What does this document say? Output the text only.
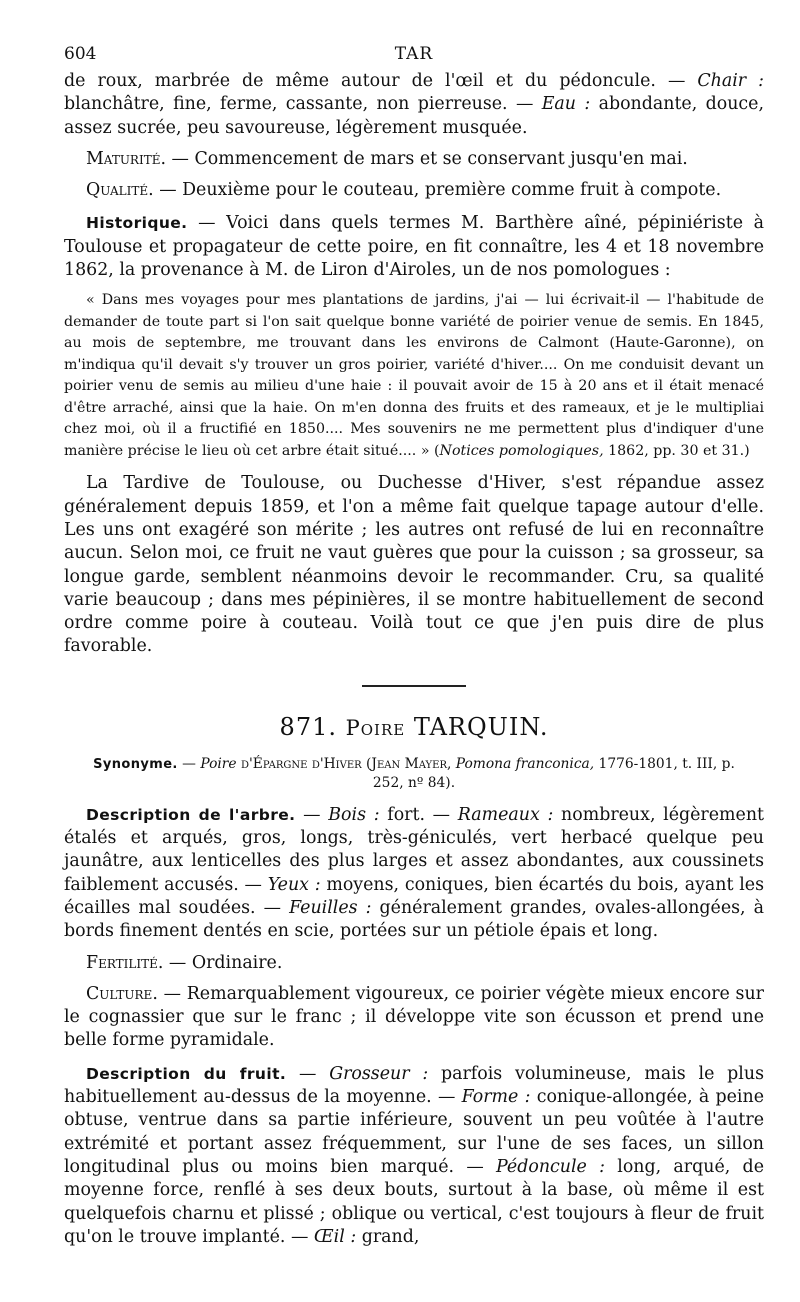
604	TAR

de roux, marbrée de même autour de l'œil et du pédoncule. — Chair : blanchâtre, fine, ferme, cassante, non pierreuse. — Eau : abondante, douce, assez sucrée, peu savoureuse, légèrement musquée.

Maturité. — Commencement de mars et se conservant jusqu'en mai.

Qualité. — Deuxième pour le couteau, première comme fruit à compote.

Historique. — Voici dans quels termes M. Barthère aîné, pépiniériste à Toulouse et propagateur de cette poire, en fit connaître, les 4 et 18 novembre 1862, la provenance à M. de Liron d'Airoles, un de nos pomologues :

« Dans mes voyages pour mes plantations de jardins, j'ai — lui écrivait-il — l'habitude de demander de toute part si l'on sait quelque bonne variété de poirier venue de semis. En 1845, au mois de septembre, me trouvant dans les environs de Calmont (Haute-Garonne), on m'indiqua qu'il devait s'y trouver un gros poirier, variété d'hiver.... On me conduisit devant un poirier venu de semis au milieu d'une haie : il pouvait avoir de 15 à 20 ans et il était menacé d'être arraché, ainsi que la haie. On m'en donna des fruits et des rameaux, et je le multipliai chez moi, où il a fructifié en 1850.... Mes souvenirs ne me permettent plus d'indiquer d'une manière précise le lieu où cet arbre était situé.... » (Notices pomologiques, 1862, pp. 30 et 31.)

La Tardive de Toulouse, ou Duchesse d'Hiver, s'est répandue assez généralement depuis 1859, et l'on a même fait quelque tapage autour d'elle. Les uns ont exagéré son mérite ; les autres ont refusé de lui en reconnaître aucun. Selon moi, ce fruit ne vaut guères que pour la cuisson ; sa grosseur, sa longue garde, semblent néanmoins devoir le recommander. Cru, sa qualité varie beaucoup ; dans mes pépinières, il se montre habituellement de second ordre comme poire à couteau. Voilà tout ce que j'en puis dire de plus favorable.

871. Poire TARQUIN.

Synonyme. — Poire d'Épargne d'Hiver (Jean Mayer, Pomona franconica, 1776-1801, t. III, p. 252, nº 84).

Description de l'arbre. — Bois : fort. — Rameaux : nombreux, légèrement étalés et arqués, gros, longs, très-géniculés, vert herbacé quelque peu jaunâtre, aux lenticelles des plus larges et assez abondantes, aux coussinets faiblement accusés. — Yeux : moyens, coniques, bien écartés du bois, ayant les écailles mal soudées. — Feuilles : généralement grandes, ovales-allongées, à bords finement dentés en scie, portées sur un pétiole épais et long.

Fertilité. — Ordinaire.

Culture. — Remarquablement vigoureux, ce poirier végète mieux encore sur le cognassier que sur le franc ; il développe vite son écusson et prend une belle forme pyramidale.

Description du fruit. — Grosseur : parfois volumineuse, mais le plus habituellement au-dessus de la moyenne. — Forme : conique-allongée, à peine obtuse, ventrue dans sa partie inférieure, souvent un peu voûtée à l'autre extrémité et portant assez fréquemment, sur l'une de ses faces, un sillon longitudinal plus ou moins bien marqué. — Pédoncule : long, arqué, de moyenne force, renflé à ses deux bouts, surtout à la base, où même il est quelquefois charnu et plissé ; oblique ou vertical, c'est toujours à fleur de fruit qu'on le trouve implanté. — Œil : grand,
